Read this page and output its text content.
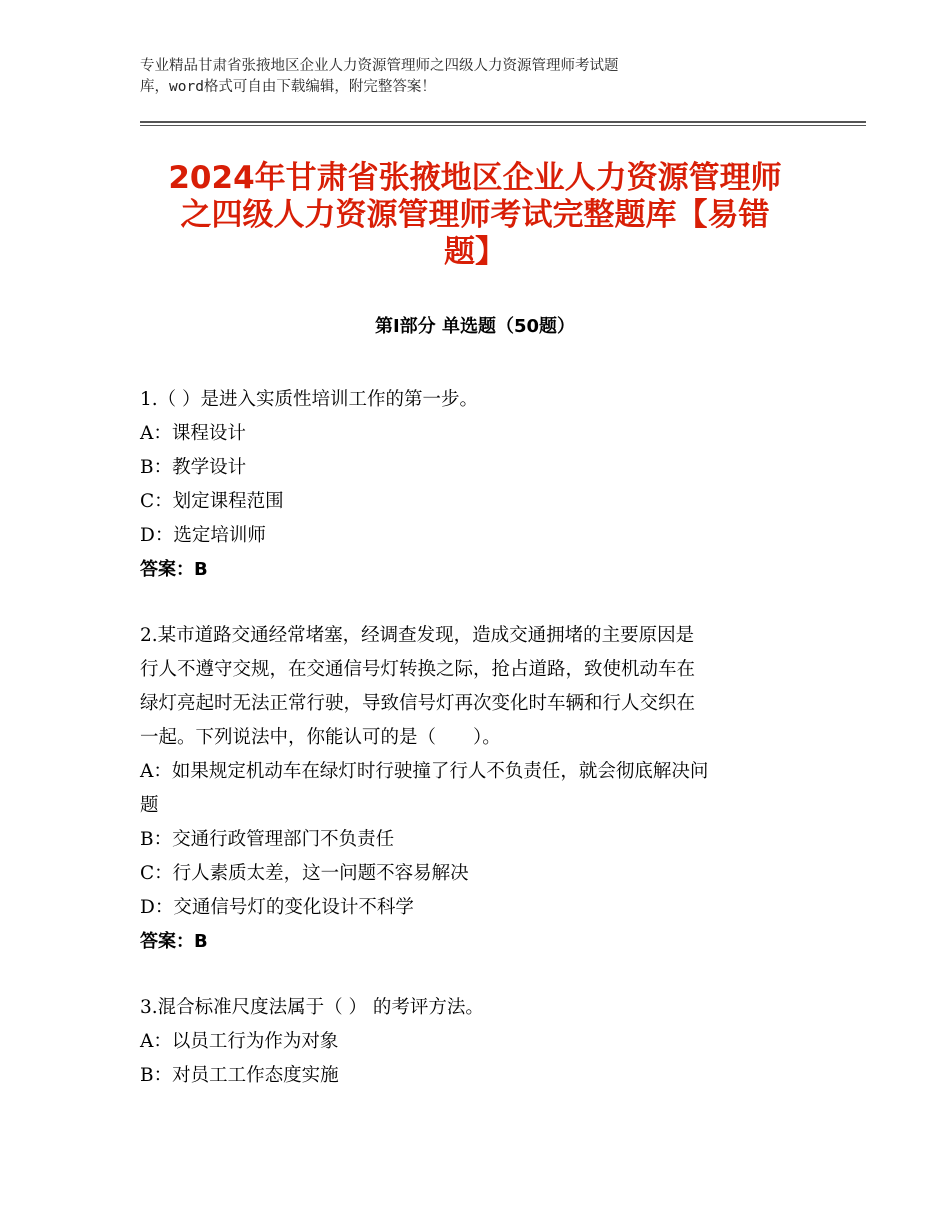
专业精品甘肃省张掖地区企业人力资源管理师之四级人力资源管理师考试题
库，word格式可自由下载编辑，附完整答案！
2024年甘肃省张掖地区企业人力资源管理师
之四级人力资源管理师考试完整题库【易错
题】
第Ⅰ部分 单选题（50题）
1.（ ）是进入实质性培训工作的第一步。
A：课程设计
B：教学设计
C：划定课程范围
D：选定培训师
答案：B
2.某市道路交通经常堵塞，经调查发现，造成交通拥堵的主要原因是
行人不遵守交规，在交通信号灯转换之际，抢占道路，致使机动车在
绿灯亮起时无法正常行驶，导致信号灯再次变化时车辆和行人交织在
一起。下列说法中，你能认可的是（　　）。
A：如果规定机动车在绿灯时行驶撞了行人不负责任，就会彻底解决问
题
B：交通行政管理部门不负责任
C：行人素质太差，这一问题不容易解决
D：交通信号灯的变化设计不科学
答案：B
3.混合标准尺度法属于（ ） 的考评方法。
A：以员工行为作为对象
B：对员工工作态度实施
